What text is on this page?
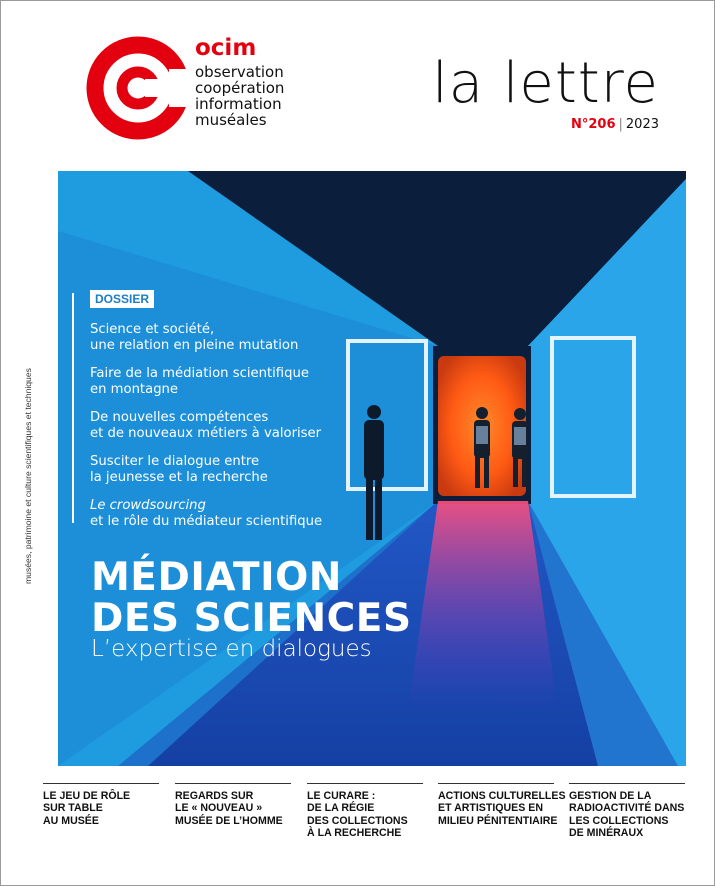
ocim
observation
coopération
information
muséales
la lettre
N°206 | 2023
musées, patrimoine et culture scientifiques et techniques
DOSSIER
Science et société,
une relation en pleine mutation
Faire de la médiation scientifique
en montagne
De nouvelles compétences
et de nouveaux métiers à valoriser
Susciter le dialogue entre
la jeunesse et la recherche
Le crowdsourcing
et le rôle du médiateur scientifique
MÉDIATION
DES SCIENCES
L’expertise en dialogues
LE JEU DE RÔLE
SUR TABLE
AU MUSÉE
REGARDS SUR
LE « NOUVEAU »
MUSÉE DE L’HOMME
LE CURARE :
DE LA RÉGIE
DES COLLECTIONS
À LA RECHERCHE
ACTIONS CULTURELLES
ET ARTISTIQUES EN
MILIEU PÉNITENTIAIRE
GESTION DE LA
RADIOACTIVITÉ DANS
LES COLLECTIONS
DE MINÉRAUX
